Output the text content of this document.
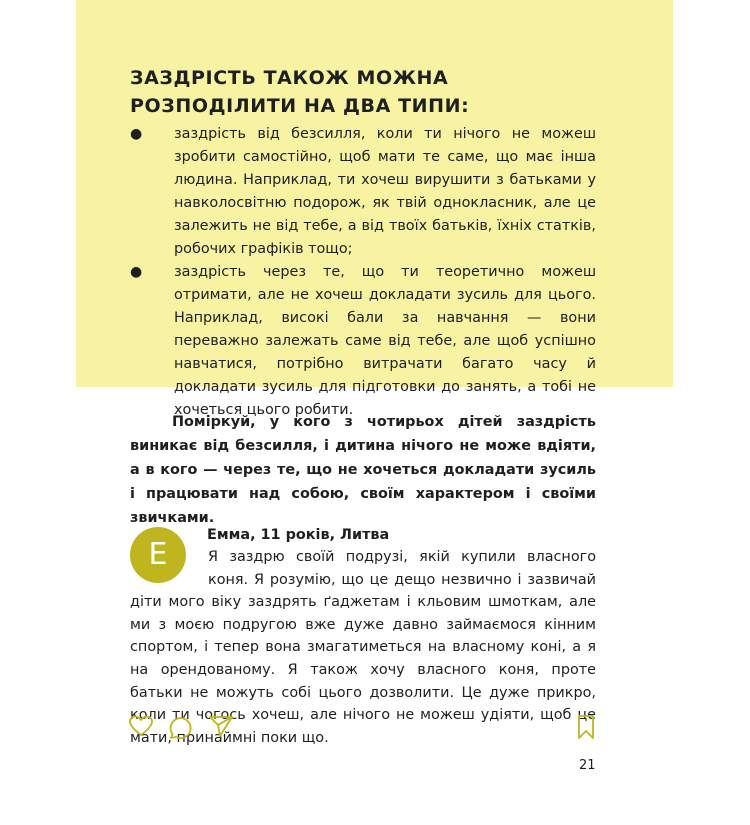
ЗАЗДРІСТЬ ТАКОЖ МОЖНА РОЗПОДІЛИТИ НА ДВА ТИПИ:
● заздрість від безсилля, коли ти нічого не можеш зробити самостійно, щоб мати те саме, що має інша людина. Наприклад, ти хочеш вирушити з батьками у навколосвітню подорож, як твій однокласник, але це залежить не від тебе, а від твоїх батьків, їхніх статків, робочих графіків тощо;
● заздрість через те, що ти теоретично можеш отримати, але не хочеш докладати зусиль для цього. Наприклад, високі бали за навчання — вони переважно залежать саме від тебе, але щоб успішно навчатися, потрібно витрачати багато часу й докладати зусиль для підготовки до занять, а тобі не хочеться цього робити.
Поміркуй, у кого з чотирьох дітей заздрість виникає від безсилля, і дитина нічого не може вдіяти, а в кого — через те, що не хочеться докладати зусиль і працювати над собою, своїм характером і своїми звичками.
E
Емма, 11 років, Литва
Я заздрю своїй подрузі, якій купили власного коня. Я розумію, що це дещо незвично і зазвичай діти мого віку заздрять ґаджетам і кльовим шмоткам, але ми з моєю подругою вже дуже давно займаємося кінним спортом, і тепер вона змагатиметься на власному коні, а я на орендованому. Я також хочу власного коня, проте батьки не можуть собі цього дозволити. Це дуже прикро, коли ти чогось хочеш, але нічого не можеш удіяти, щоб це мати, принаймні поки що.
21
